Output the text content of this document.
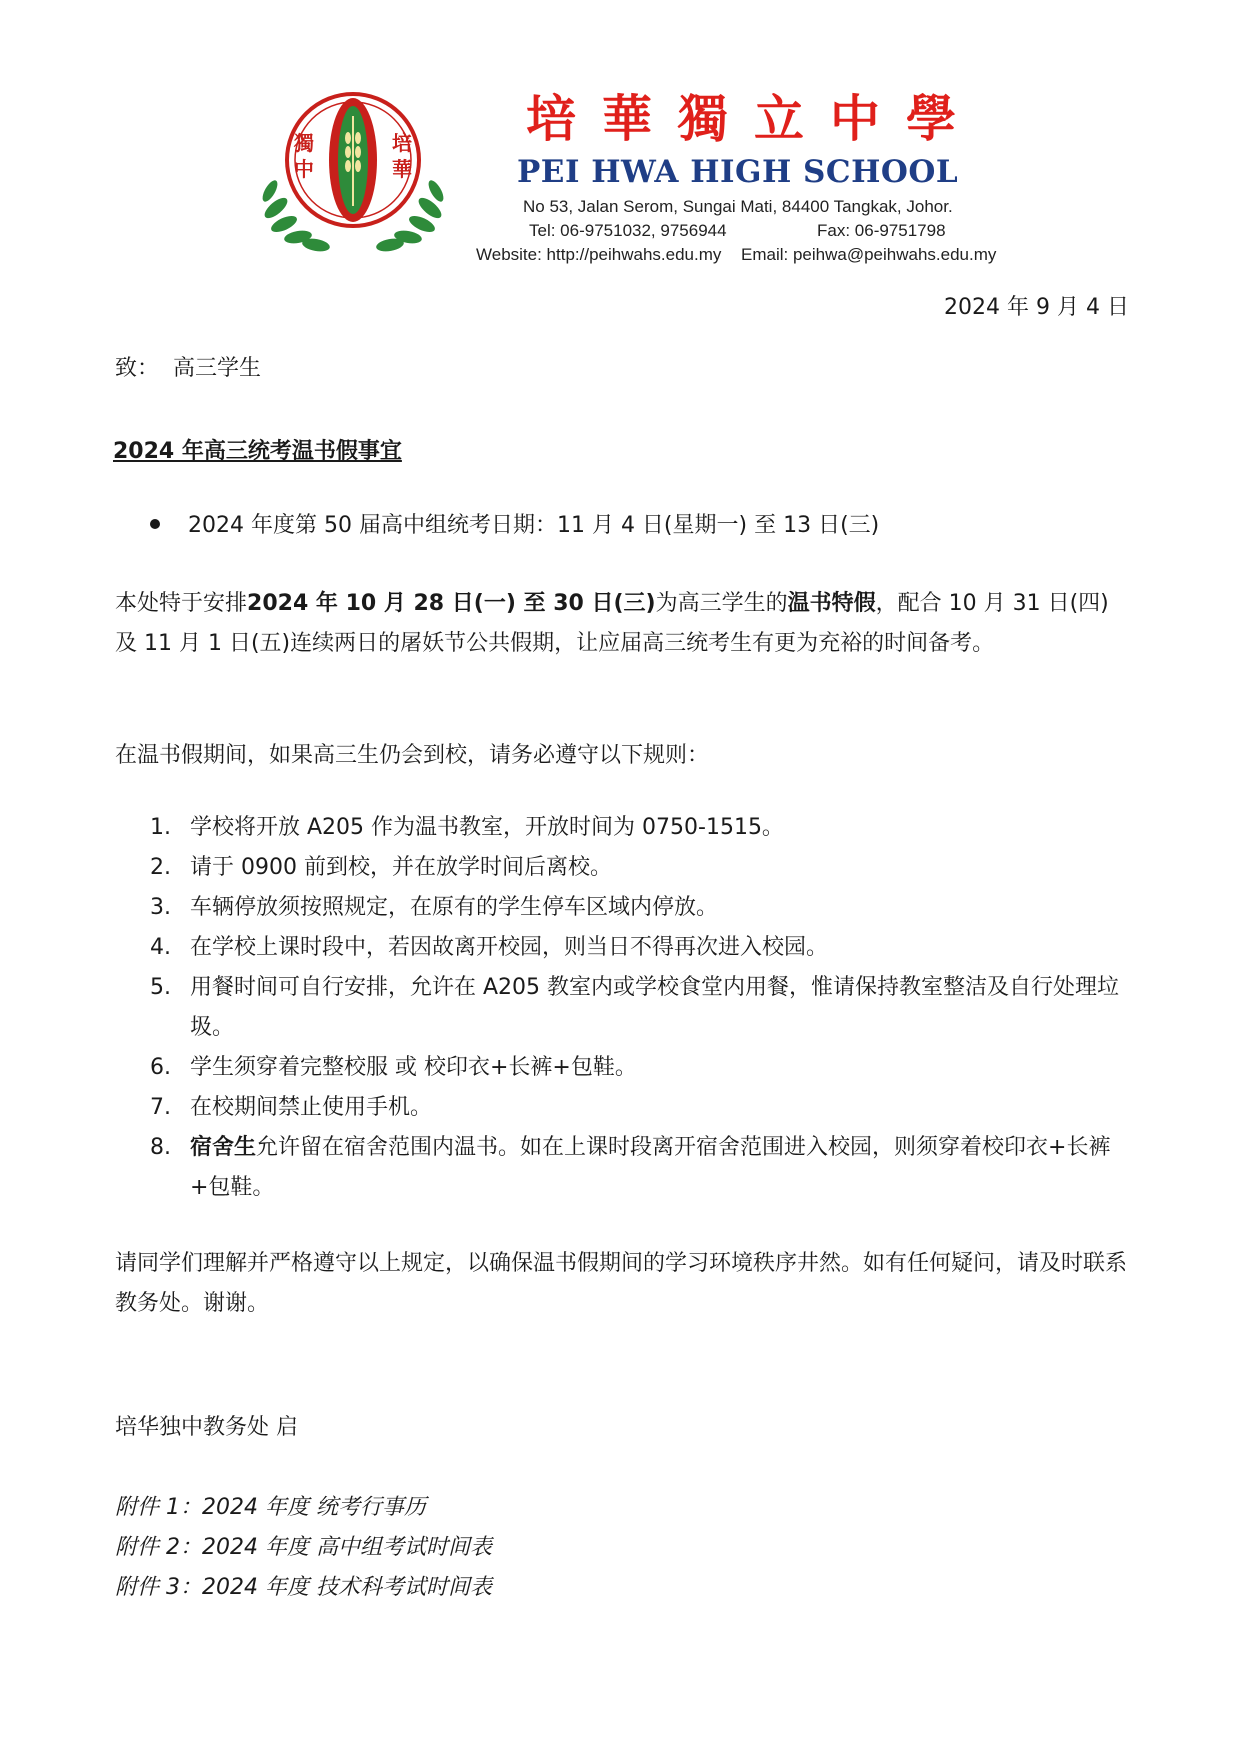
獨中
培華
培華獨立中學
PEI HWA HIGH SCHOOL
No 53, Jalan Serom, Sungai Mati, 84400 Tangkak, Johor.
Tel: 06-9751032, 9756944	Fax: 06-9751798
Website: http://peihwahs.edu.my Email: peihwa@peihwahs.edu.my
2024 年 9 月 4 日
致：  高三学生
2024 年高三统考温书假事宜
2024 年度第 50 届高中组统考日期：11 月 4 日(星期一) 至 13 日(三)
本处特于安排2024 年 10 月 28 日(一) 至 30 日(三)为高三学生的温书特假，配合 10 月 31 日(四) 及 11 月 1 日(五)连续两日的屠妖节公共假期，让应届高三统考生有更为充裕的时间备考。
在温书假期间，如果高三生仍会到校，请务必遵守以下规则：
1. 学校将开放 A205 作为温书教室，开放时间为 0750-1515。
2. 请于 0900 前到校，并在放学时间后离校。
3. 车辆停放须按照规定，在原有的学生停车区域内停放。
4. 在学校上课时段中，若因故离开校园，则当日不得再次进入校园。
5. 用餐时间可自行安排，允许在 A205 教室内或学校食堂内用餐，惟请保持教室整洁及自行处理垃圾。
6. 学生须穿着完整校服 或 校印衣+长裤+包鞋。
7. 在校期间禁止使用手机。
8. 宿舍生允许留在宿舍范围内温书。如在上课时段离开宿舍范围进入校园，则须穿着校印衣+长裤+包鞋。
请同学们理解并严格遵守以上规定，以确保温书假期间的学习环境秩序井然。如有任何疑问，请及时联系教务处。谢谢。
培华独中教务处 启
附件 1：2024 年度 统考行事历
附件 2：2024 年度 高中组考试时间表
附件 3：2024 年度 技术科考试时间表
